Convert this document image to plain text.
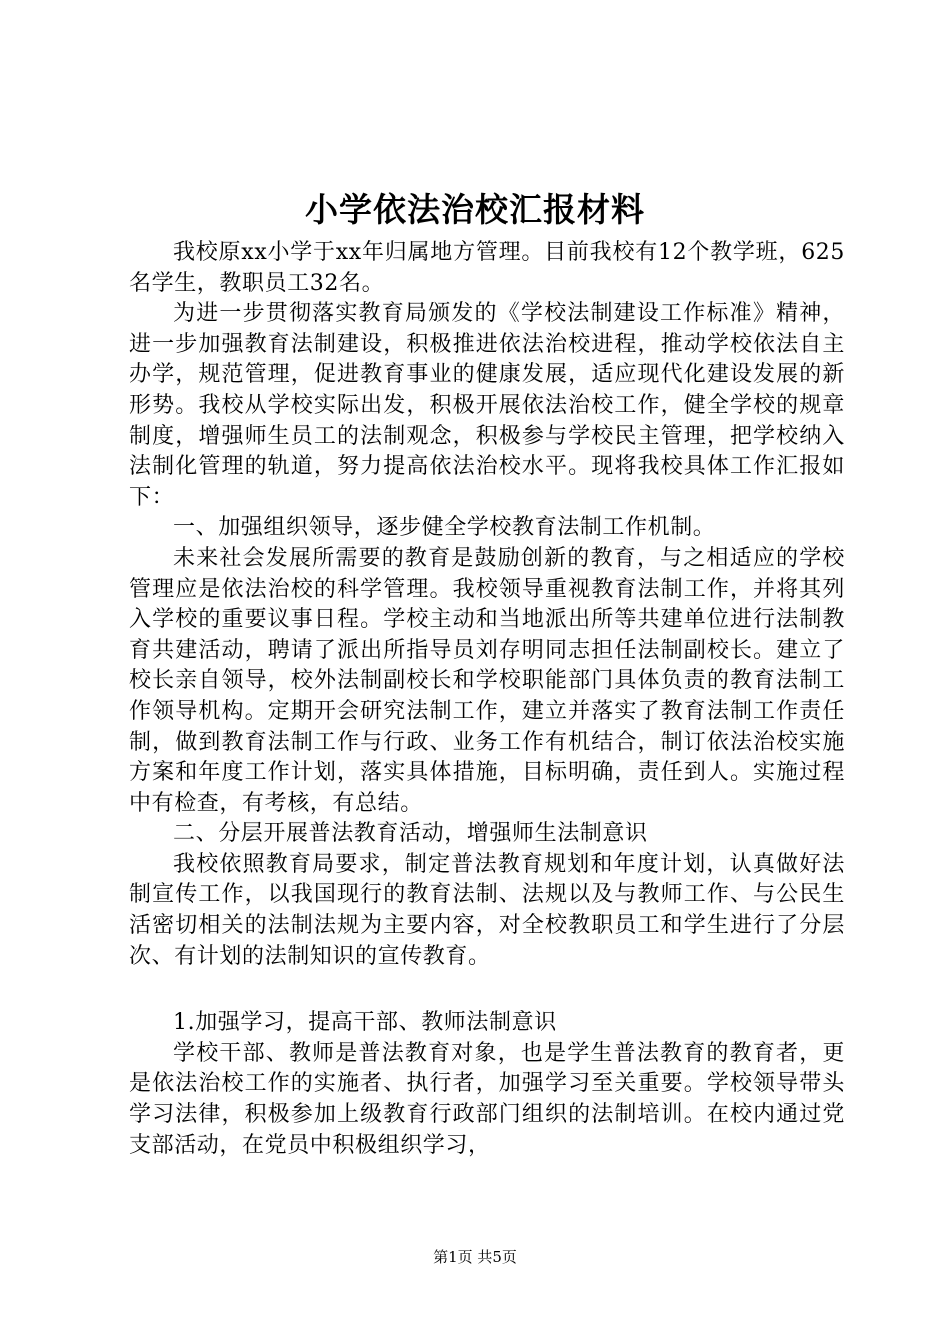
小学依法治校汇报材料

我校原xx小学于xx年归属地方管理。目前我校有12个教学班，625名学生，教职员工32名。

为进一步贯彻落实教育局颁发的《学校法制建设工作标准》精神，进一步加强教育法制建设，积极推进依法治校进程，推动学校依法自主办学，规范管理，促进教育事业的健康发展，适应现代化建设发展的新形势。我校从学校实际出发，积极开展依法治校工作，健全学校的规章制度，增强师生员工的法制观念，积极参与学校民主管理，把学校纳入法制化管理的轨道，努力提高依法治校水平。现将我校具体工作汇报如下：

一、加强组织领导，逐步健全学校教育法制工作机制。

未来社会发展所需要的教育是鼓励创新的教育，与之相适应的学校管理应是依法治校的科学管理。我校领导重视教育法制工作，并将其列入学校的重要议事日程。学校主动和当地派出所等共建单位进行法制教育共建活动，聘请了派出所指导员刘存明同志担任法制副校长。建立了校长亲自领导，校外法制副校长和学校职能部门具体负责的教育法制工作领导机构。定期开会研究法制工作，建立并落实了教育法制工作责任制，做到教育法制工作与行政、业务工作有机结合，制订依法治校实施方案和年度工作计划，落实具体措施，目标明确，责任到人。实施过程中有检查，有考核，有总结。

二、分层开展普法教育活动，增强师生法制意识

我校依照教育局要求，制定普法教育规划和年度计划，认真做好法制宣传工作，以我国现行的教育法制、法规以及与教师工作、与公民生活密切相关的法制法规为主要内容，对全校教职员工和学生进行了分层次、有计划的法制知识的宣传教育。

1.加强学习，提高干部、教师法制意识

学校干部、教师是普法教育对象，也是学生普法教育的教育者，更是依法治校工作的实施者、执行者，加强学习至关重要。学校领导带头学习法律，积极参加上级教育行政部门组织的法制培训。在校内通过党支部活动，在党员中积极组织学习，

第1页 共5页
